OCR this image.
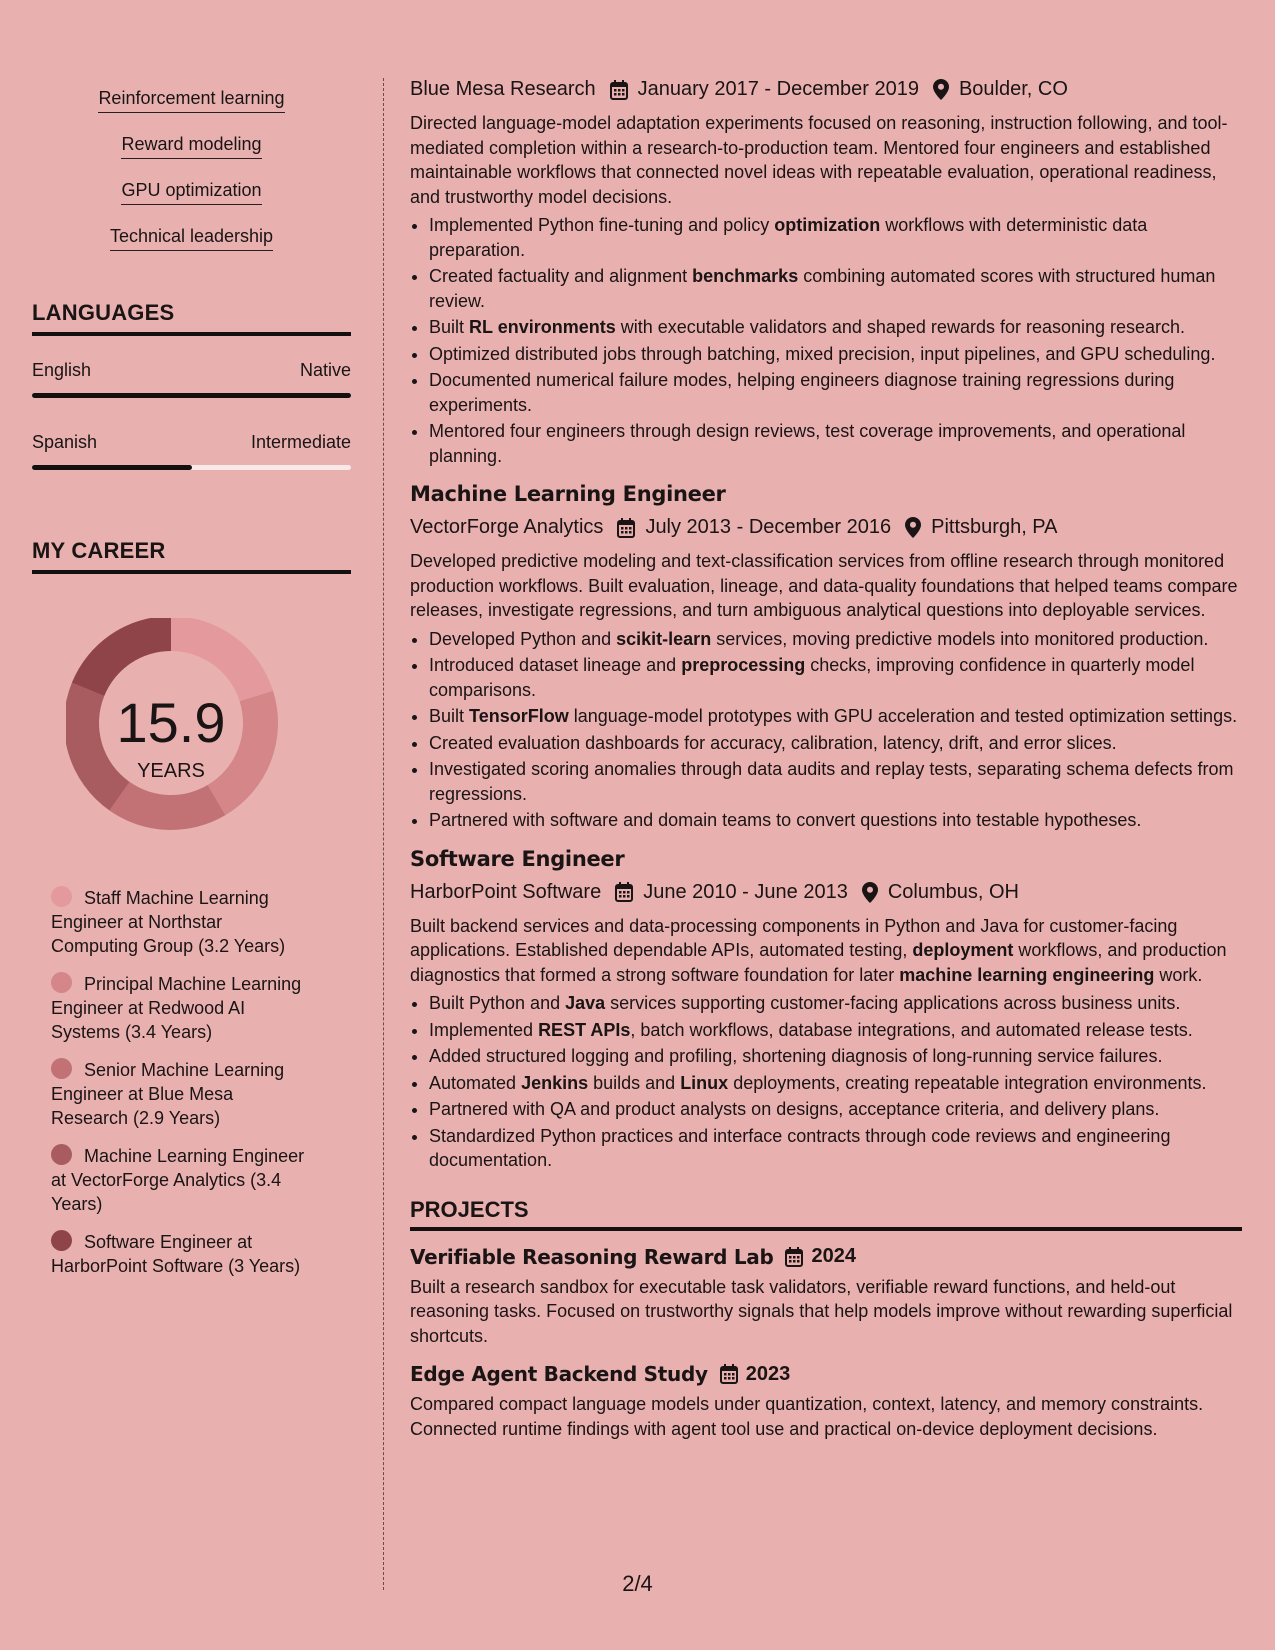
Reinforcement learning
Reward modeling
GPU optimization
Technical leadership
LANGUAGES
English	Native
Spanish	Intermediate
MY CAREER
15.9
YEARS
Staff Machine Learning Engineer at Northstar Computing Group (3.2 Years)
Principal Machine Learning Engineer at Redwood AI Systems (3.4 Years)
Senior Machine Learning Engineer at Blue Mesa Research (2.9 Years)
Machine Learning Engineer at VectorForge Analytics (3.4 Years)
Software Engineer at HarborPoint Software (3 Years)
Blue Mesa Research January 2017 - December 2019 Boulder, CO
Directed language-model adaptation experiments focused on reasoning, instruction following, and tool-mediated completion within a research-to-production team. Mentored four engineers and established maintainable workflows that connected novel ideas with repeatable evaluation, operational readiness, and trustworthy model decisions.
• Implemented Python fine-tuning and policy optimization workflows with deterministic data preparation.
• Created factuality and alignment benchmarks combining automated scores with structured human review.
• Built RL environments with executable validators and shaped rewards for reasoning research.
• Optimized distributed jobs through batching, mixed precision, input pipelines, and GPU scheduling.
• Documented numerical failure modes, helping engineers diagnose training regressions during experiments.
• Mentored four engineers through design reviews, test coverage improvements, and operational planning.
Machine Learning Engineer
VectorForge Analytics July 2013 - December 2016 Pittsburgh, PA
Developed predictive modeling and text-classification services from offline research through monitored production workflows. Built evaluation, lineage, and data-quality foundations that helped teams compare releases, investigate regressions, and turn ambiguous analytical questions into deployable services.
• Developed Python and scikit-learn services, moving predictive models into monitored production.
• Introduced dataset lineage and preprocessing checks, improving confidence in quarterly model comparisons.
• Built TensorFlow language-model prototypes with GPU acceleration and tested optimization settings.
• Created evaluation dashboards for accuracy, calibration, latency, drift, and error slices.
• Investigated scoring anomalies through data audits and replay tests, separating schema defects from regressions.
• Partnered with software and domain teams to convert questions into testable hypotheses.
Software Engineer
HarborPoint Software June 2010 - June 2013 Columbus, OH
Built backend services and data-processing components in Python and Java for customer-facing applications. Established dependable APIs, automated testing, deployment workflows, and production diagnostics that formed a strong software foundation for later machine learning engineering work.
• Built Python and Java services supporting customer-facing applications across business units.
• Implemented REST APIs, batch workflows, database integrations, and automated release tests.
• Added structured logging and profiling, shortening diagnosis of long-running service failures.
• Automated Jenkins builds and Linux deployments, creating repeatable integration environments.
• Partnered with QA and product analysts on designs, acceptance criteria, and delivery plans.
• Standardized Python practices and interface contracts through code reviews and engineering documentation.
PROJECTS
Verifiable Reasoning Reward Lab 2024
Built a research sandbox for executable task validators, verifiable reward functions, and held-out reasoning tasks. Focused on trustworthy signals that help models improve without rewarding superficial shortcuts.
Edge Agent Backend Study 2023
Compared compact language models under quantization, context, latency, and memory constraints. Connected runtime findings with agent tool use and practical on-device deployment decisions.
2/4
